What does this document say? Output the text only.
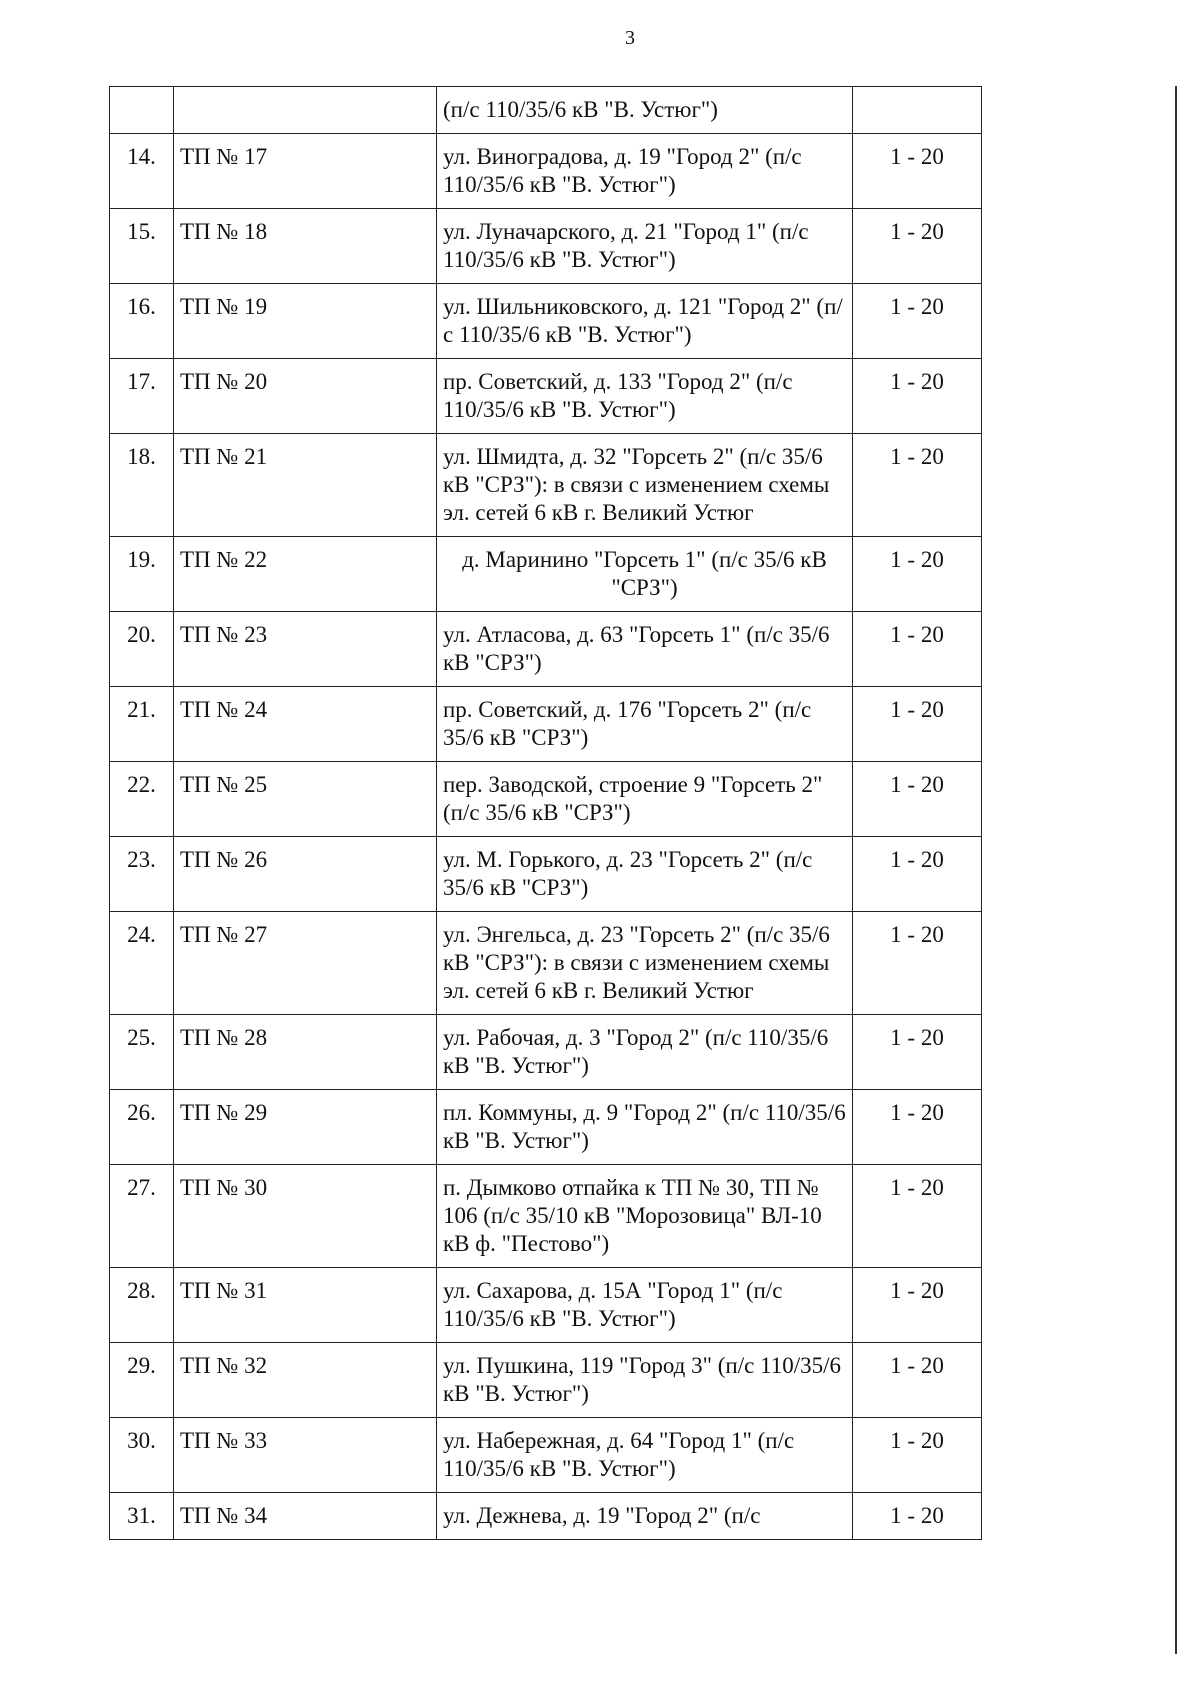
3
		(п/с 110/35/6 кВ "В. Устюг")	
14.	ТП № 17	ул. Виноградова, д. 19 "Город 2" (п/с 110/35/6 кВ "В. Устюг")	1 - 20
15.	ТП № 18	ул. Луначарского, д. 21 "Город 1" (п/с 110/35/6 кВ "В. Устюг")	1 - 20
16.	ТП № 19	ул. Шильниковского, д. 121 "Город 2" (п/с 110/35/6 кВ "В. Устюг")	1 - 20
17.	ТП № 20	пр. Советский, д. 133 "Город 2" (п/с 110/35/6 кВ "В. Устюг")	1 - 20
18.	ТП № 21	ул. Шмидта, д. 32 "Горсеть 2" (п/с 35/6 кВ "СРЗ"): в связи с изменением схемы эл. сетей 6 кВ г. Великий Устюг	1 - 20
19.	ТП № 22	д. Маринино "Горсеть 1" (п/с 35/6 кВ "СРЗ")	1 - 20
20.	ТП № 23	ул. Атласова, д. 63 "Горсеть 1" (п/с 35/6 кВ "СРЗ")	1 - 20
21.	ТП № 24	пр. Советский, д. 176 "Горсеть 2" (п/с 35/6 кВ "СРЗ")	1 - 20
22.	ТП № 25	пер. Заводской, строение 9 "Горсеть 2" (п/с 35/6 кВ "СРЗ")	1 - 20
23.	ТП № 26	ул. М. Горького, д. 23 "Горсеть 2" (п/с 35/6 кВ "СРЗ")	1 - 20
24.	ТП № 27	ул. Энгельса, д. 23 "Горсеть 2" (п/с 35/6 кВ "СРЗ"): в связи с изменением схемы эл. сетей 6 кВ г. Великий Устюг	1 - 20
25.	ТП № 28	ул. Рабочая, д. 3 "Город 2" (п/с 110/35/6 кВ "В. Устюг")	1 - 20
26.	ТП № 29	пл. Коммуны, д. 9 "Город 2" (п/с 110/35/6 кВ "В. Устюг")	1 - 20
27.	ТП № 30	п. Дымково отпайка к ТП № 30, ТП № 106 (п/с 35/10 кВ "Морозовица" ВЛ-10 кВ ф. "Пестово")	1 - 20
28.	ТП № 31	ул. Сахарова, д. 15А "Город 1" (п/с 110/35/6 кВ "В. Устюг")	1 - 20
29.	ТП № 32	ул. Пушкина, 119 "Город 3" (п/с 110/35/6 кВ "В. Устюг")	1 - 20
30.	ТП № 33	ул. Набережная, д. 64 "Город 1" (п/с 110/35/6 кВ "В. Устюг")	1 - 20
31.	ТП № 34	ул. Дежнева, д. 19 "Город 2" (п/с	1 - 20
